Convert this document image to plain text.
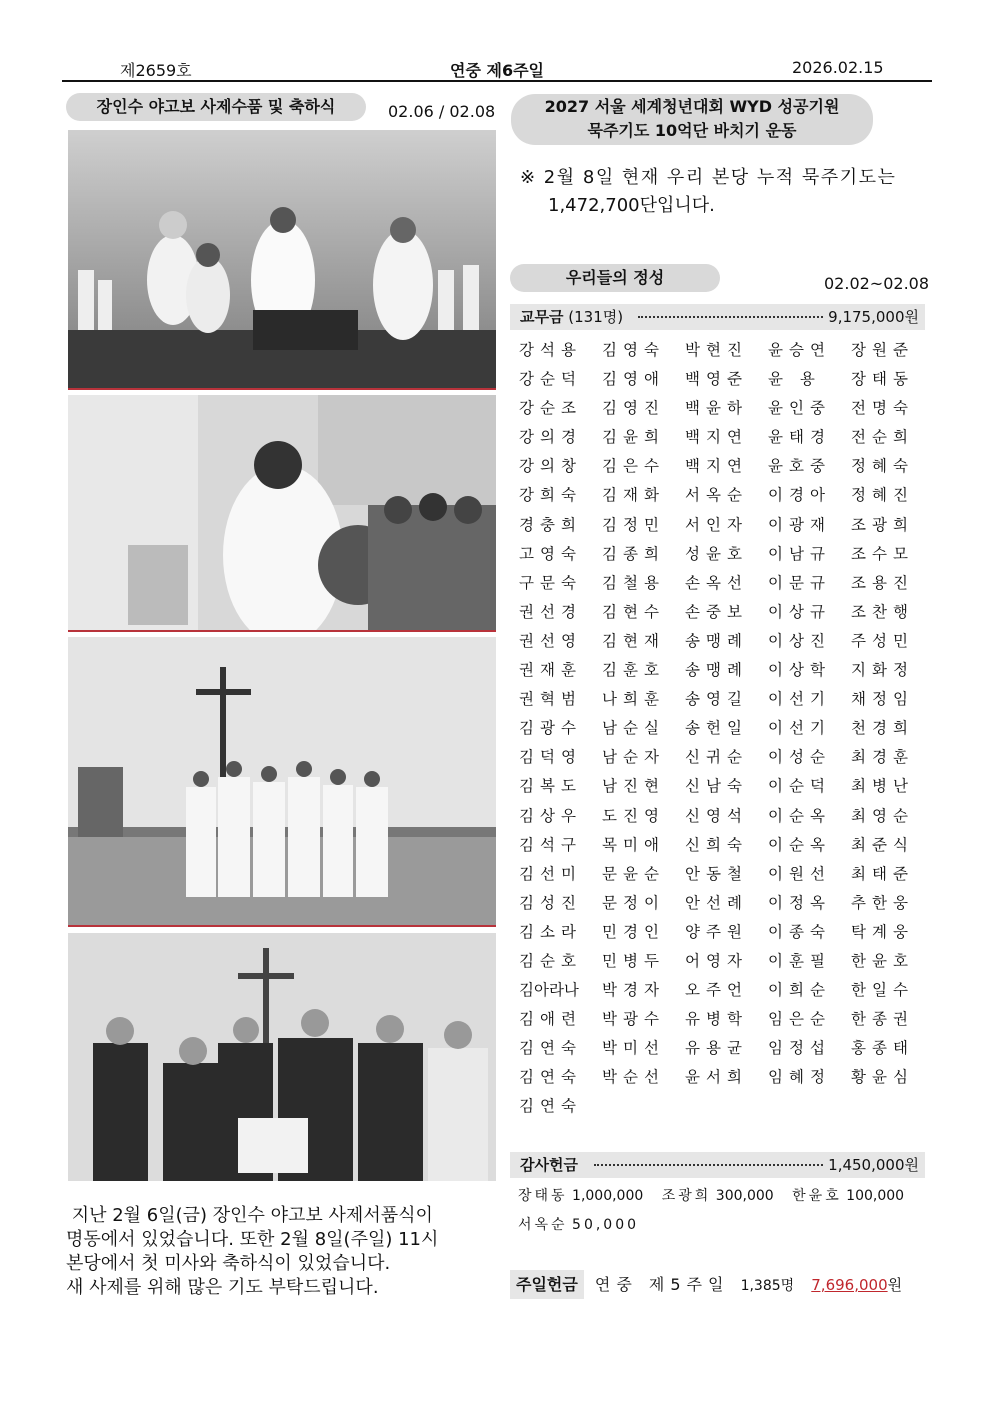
제2659호	연중 제6주일	2026.02.15
장인수 야고보 사제수품 및 축하식	02.06 / 02.08
지난 2월 6일(금) 장인수 야고보 사제서품식이
명동에서 있었습니다. 또한 2월 8일(주일) 11시
본당에서 첫 미사와 축하식이 있었습니다.
새 사제를 위해 많은 기도 부탁드립니다.
2027 서울 세계청년대회 WYD 성공기원
묵주기도 10억단 바치기 운동
※ 2월 8일 현재 우리 본당 누적 묵주기도는
1,472,700단입니다.
우리들의 정성	02.02~02.08
교무금 (131명)	9,175,000원
강석용 김영숙 박현진 윤승연 장원준
강순덕 김영애 백영준 윤 용 장태동
강순조 김영진 백윤하 윤인중 전명숙
강의경 김윤희 백지연 윤태경 전순희
강의창 김은수 백지연 윤호중 정혜숙
강희숙 김재화 서옥순 이경아 정혜진
경충희 김정민 서인자 이광재 조광희
고영숙 김종희 성윤호 이남규 조수모
구문숙 김철용 손옥선 이문규 조용진
권선경 김현수 손중보 이상규 조찬행
권선영 김현재 송맹례 이상진 주성민
권재훈 김훈호 송맹례 이상학 지화정
권혁범 나희훈 송영길 이선기 채정임
김광수 남순실 송헌일 이선기 천경희
김덕영 남순자 신귀순 이성순 최경훈
김복도 남진현 신남숙 이순덕 최병난
김상우 도진영 신영석 이순옥 최영순
김석구 목미애 신희숙 이순옥 최준식
김선미 문윤순 안동철 이원선 최태준
김성진 문정이 안선례 이정옥 추한웅
김소라 민경인 양주원 이종숙 탁계웅
김순호 민병두 어영자 이훈필 한윤호
김아라나 박경자 오주언 이희순 한일수
김애련 박광수 유병학 임은순 한종권
김연숙 박미선 유용균 임정섭 홍종태
김연숙 박순선 윤서희 임혜정 황윤심
김연숙
감사헌금	1,450,000원
장태동 1,000,000 조광희 300,000 한윤호 100,000
서옥순 50,000
주일헌금 연중 제5주일 1,385명 7,696,000원
